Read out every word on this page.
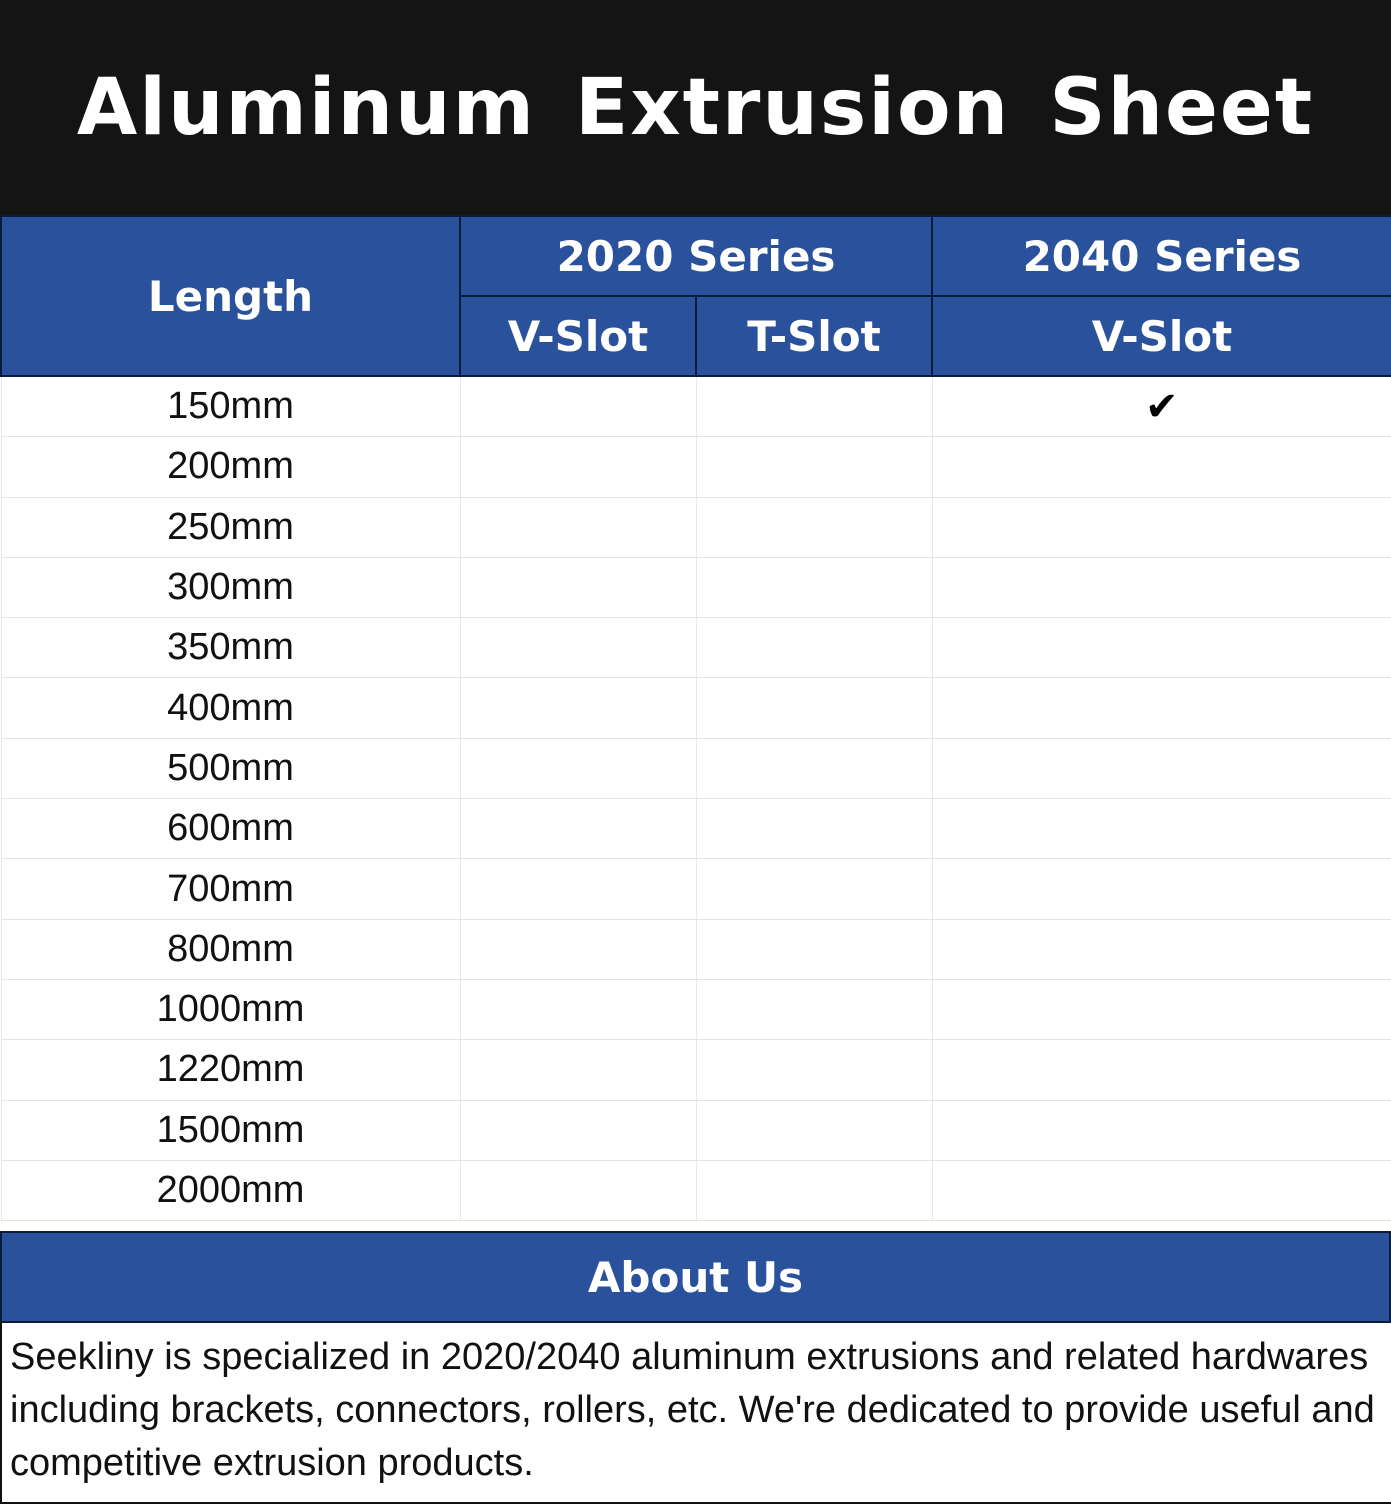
Aluminum Extrusion Sheet
Length	2020 Series		2040 Series
	V-Slot	T-Slot	V-Slot
150mm			✔
200mm			
250mm			
300mm			
350mm			
400mm			
500mm			
600mm			
700mm			
800mm			
1000mm			
1220mm			
1500mm			
2000mm			
About Us
Seekliny is specialized in 2020/2040 aluminum extrusions and related hardwares including brackets, connectors, rollers, etc. We're dedicated to provide useful and competitive extrusion products.
